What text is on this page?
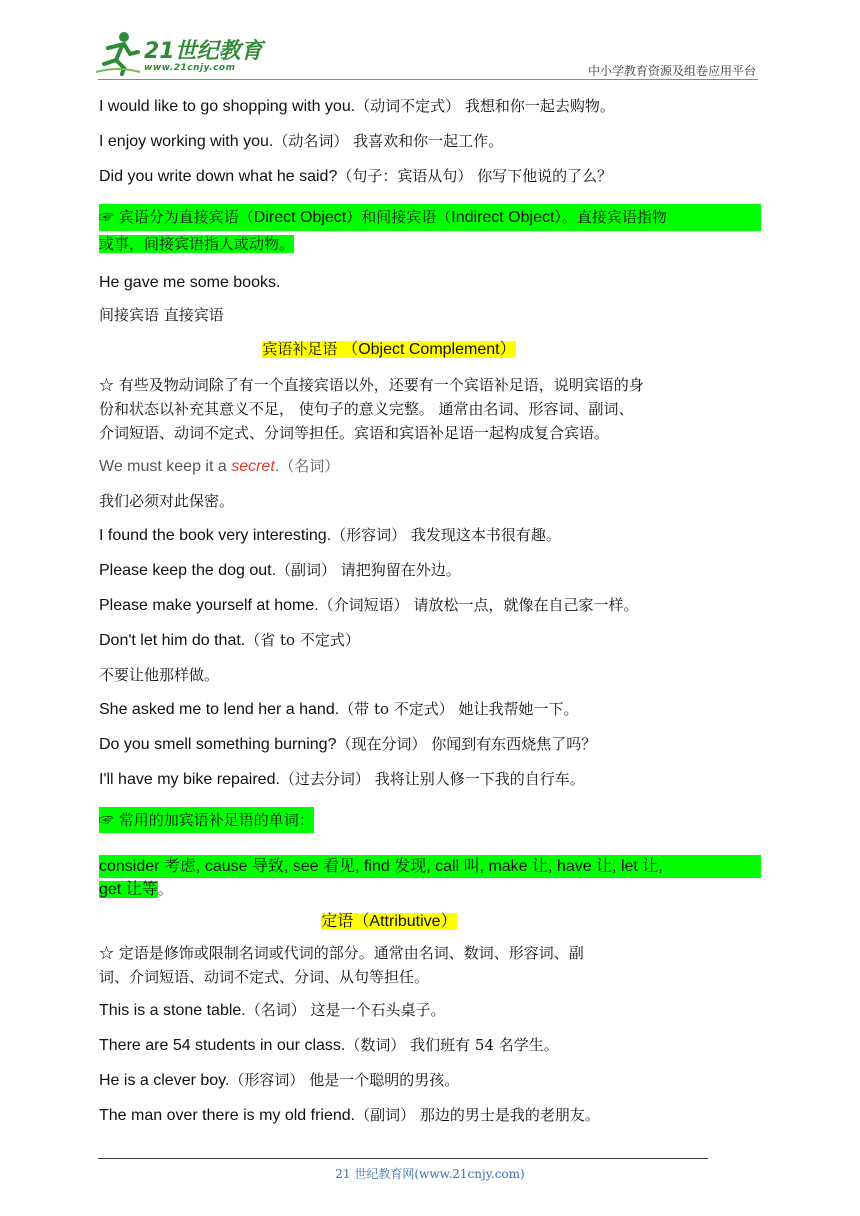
21世纪教育
www.21cnjy.com	中小学教育资源及组卷应用平台
I would like to go shopping with you.（动词不定式） 我想和你一起去购物。
I enjoy working with you.（动名词） 我喜欢和你一起工作。
Did you write down what he said?（句子：宾语从句） 你写下他说的了么？
☞ 宾语分为直接宾语（Direct Object）和间接宾语（Indirect Object）。直接宾语指物
或事，间接宾语指人或动物。
He gave me some books.
间接宾语 直接宾语
宾语补足语 （Object Complement）
☆ 有些及物动词除了有一个直接宾语以外，还要有一个宾语补足语，说明宾语的身
份和状态以补充其意义不足， 使句子的意义完整。 通常由名词、形容词、副词、
介词短语、动词不定式、分词等担任。宾语和宾语补足语一起构成复合宾语。
We must keep it a secret.（名词）
我们必须对此保密。
I found the book very interesting.（形容词） 我发现这本书很有趣。
Please keep the dog out.（副词） 请把狗留在外边。
Please make yourself at home.（介词短语） 请放松一点，就像在自己家一样。
Don't let him do that.（省 to 不定式）
不要让他那样做。
She asked me to lend her a hand.（带 to 不定式） 她让我帮她一下。
Do you smell something burning?（现在分词） 你闻到有东西烧焦了吗？
I'll have my bike repaired.（过去分词） 我将让别人修一下我的自行车。
☞ 常用的加宾语补足语的单词：
consider 考虑, cause 导致, see 看见, find 发现, call 叫, make 让, have 让, let 让,
get 让等。
定语（Attributive）
☆ 定语是修饰或限制名词或代词的部分。通常由名词、数词、形容词、副
词、介词短语、动词不定式、分词、从句等担任。
This is a stone table.（名词） 这是一个石头桌子。
There are 54 students in our class.（数词） 我们班有 54 名学生。
He is a clever boy.（形容词） 他是一个聪明的男孩。
The man over there is my old friend.（副词） 那边的男士是我的老朋友。
21 世纪教育网(www.21cnjy.com)
